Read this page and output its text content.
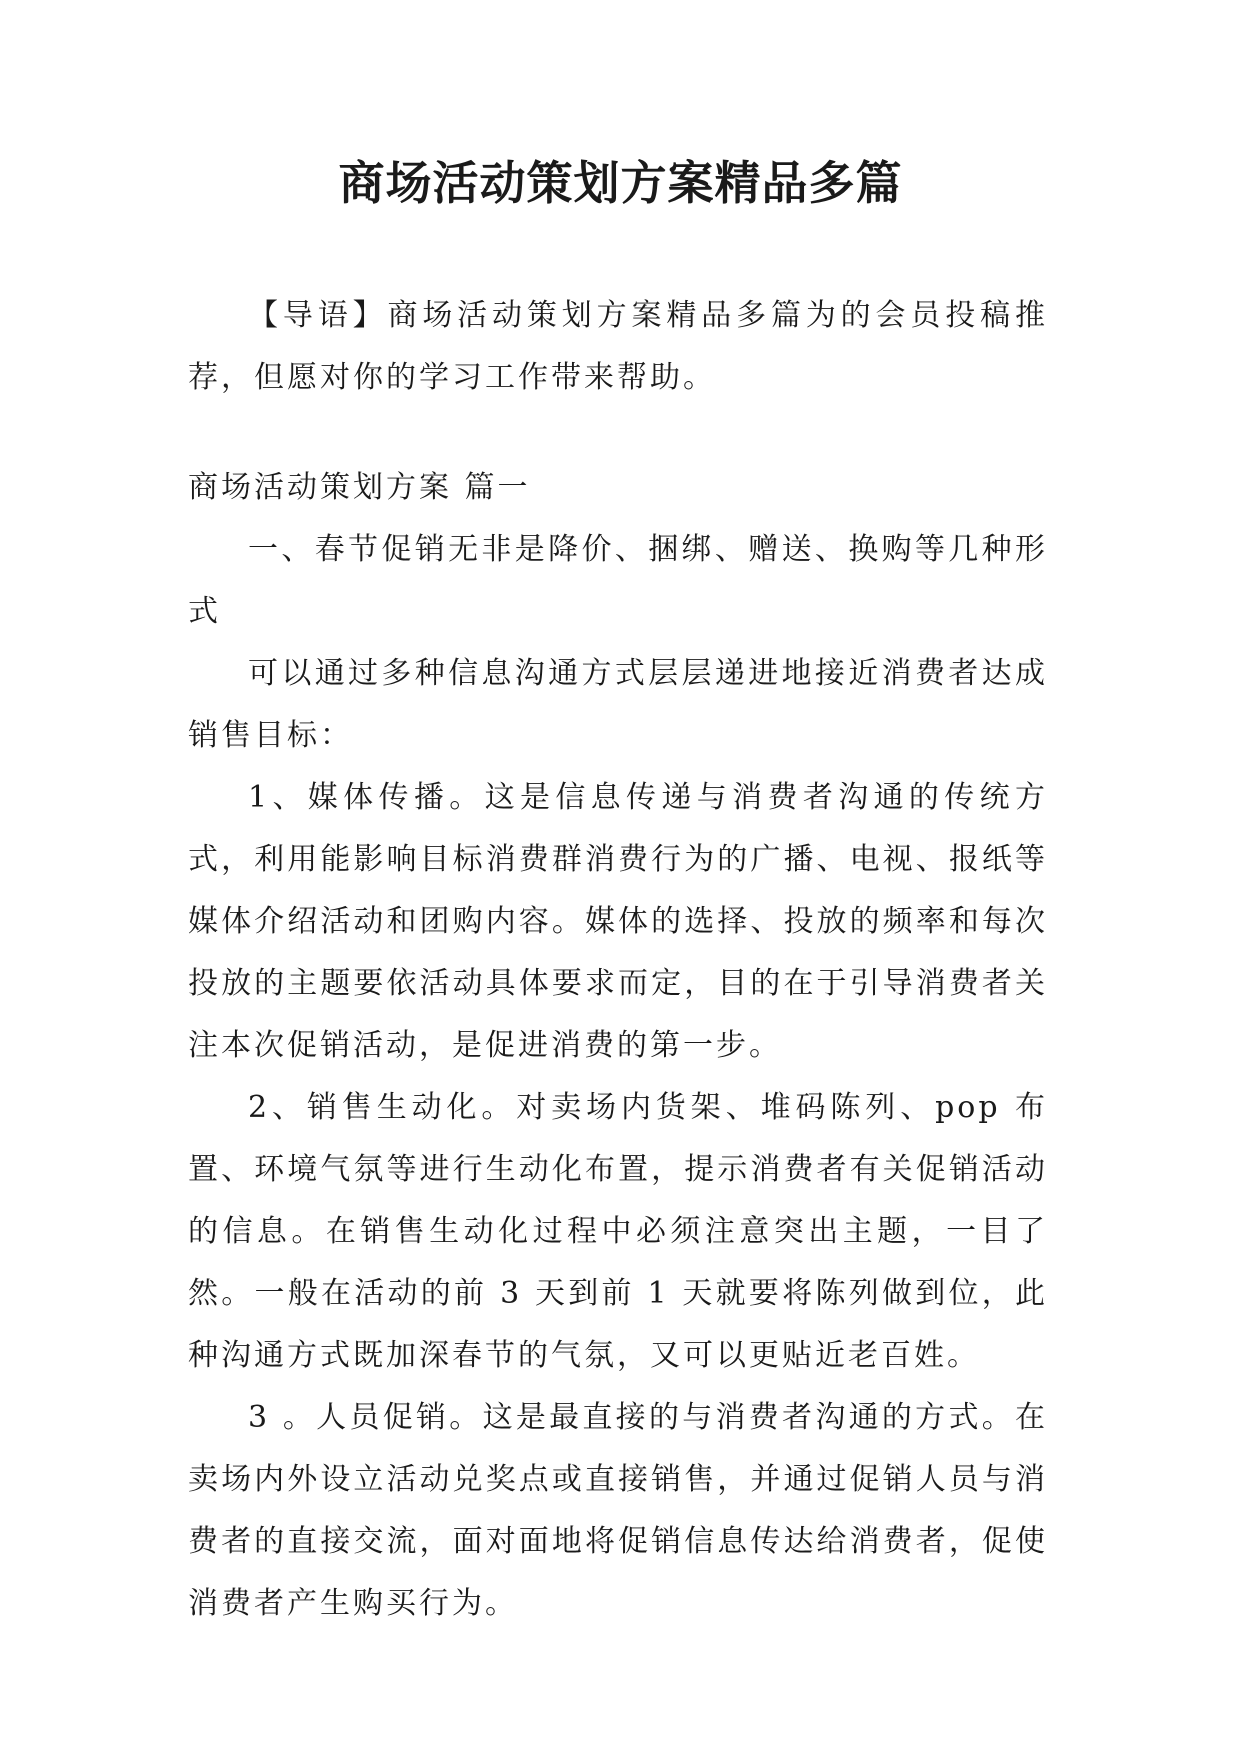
商场活动策划方案精品多篇

【导语】商场活动策划方案精品多篇为的会员投稿推荐，但愿对你的学习工作带来帮助。

商场活动策划方案 篇一

一、春节促销无非是降价、捆绑、赠送、换购等几种形式

可以通过多种信息沟通方式层层递进地接近消费者达成销售目标：

1、媒体传播。这是信息传递与消费者沟通的传统方式，利用能影响目标消费群消费行为的广播、电视、报纸等媒体介绍活动和团购内容。媒体的选择、投放的频率和每次投放的主题要依活动具体要求而定，目的在于引导消费者关注本次促销活动，是促进消费的第一步。

2、销售生动化。对卖场内货架、堆码陈列、pop 布置、环境气氛等进行生动化布置，提示消费者有关促销活动的信息。在销售生动化过程中必须注意突出主题，一目了然。一般在活动的前 3 天到前 1 天就要将陈列做到位，此种沟通方式既加深春节的气氛，又可以更贴近老百姓。

3 。人员促销。这是最直接的与消费者沟通的方式。在卖场内外设立活动兑奖点或直接销售，并通过促销人员与消费者的直接交流，面对面地将促销信息传达给消费者，促使消费者产生购买行为。
